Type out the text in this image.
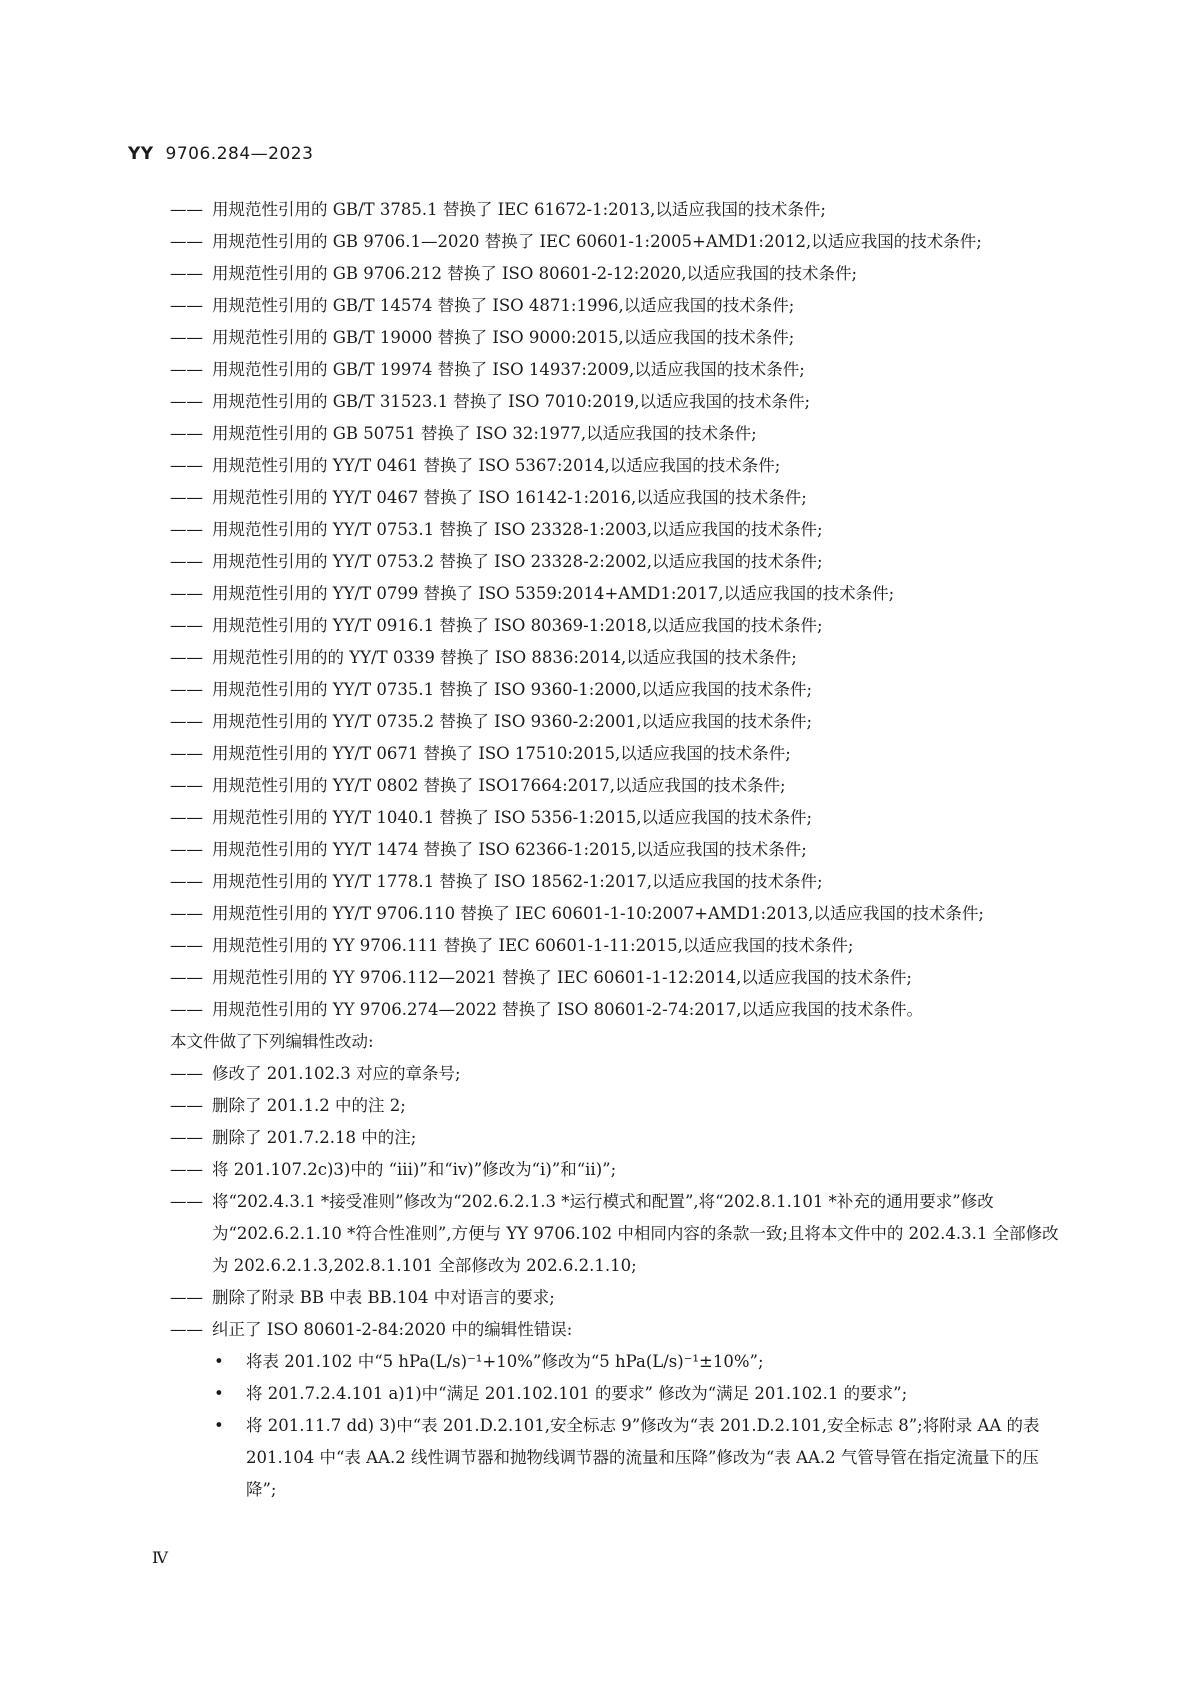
YY 9706.284—2023
—— 用规范性引用的 GB/T 3785.1 替换了 IEC 61672-1:2013,以适应我国的技术条件;
—— 用规范性引用的 GB 9706.1—2020 替换了 IEC 60601-1:2005+AMD1:2012,以适应我国的技术条件;
—— 用规范性引用的 GB 9706.212 替换了 ISO 80601-2-12:2020,以适应我国的技术条件;
—— 用规范性引用的 GB/T 14574 替换了 ISO 4871:1996,以适应我国的技术条件;
—— 用规范性引用的 GB/T 19000 替换了 ISO 9000:2015,以适应我国的技术条件;
—— 用规范性引用的 GB/T 19974 替换了 ISO 14937:2009,以适应我国的技术条件;
—— 用规范性引用的 GB/T 31523.1 替换了 ISO 7010:2019,以适应我国的技术条件;
—— 用规范性引用的 GB 50751 替换了 ISO 32:1977,以适应我国的技术条件;
—— 用规范性引用的 YY/T 0461 替换了 ISO 5367:2014,以适应我国的技术条件;
—— 用规范性引用的 YY/T 0467 替换了 ISO 16142-1:2016,以适应我国的技术条件;
—— 用规范性引用的 YY/T 0753.1 替换了 ISO 23328-1:2003,以适应我国的技术条件;
—— 用规范性引用的 YY/T 0753.2 替换了 ISO 23328-2:2002,以适应我国的技术条件;
—— 用规范性引用的 YY/T 0799 替换了 ISO 5359:2014+AMD1:2017,以适应我国的技术条件;
—— 用规范性引用的 YY/T 0916.1 替换了 ISO 80369-1:2018,以适应我国的技术条件;
—— 用规范性引用的的 YY/T 0339 替换了 ISO 8836:2014,以适应我国的技术条件;
—— 用规范性引用的 YY/T 0735.1 替换了 ISO 9360-1:2000,以适应我国的技术条件;
—— 用规范性引用的 YY/T 0735.2 替换了 ISO 9360-2:2001,以适应我国的技术条件;
—— 用规范性引用的 YY/T 0671 替换了 ISO 17510:2015,以适应我国的技术条件;
—— 用规范性引用的 YY/T 0802 替换了 ISO17664:2017,以适应我国的技术条件;
—— 用规范性引用的 YY/T 1040.1 替换了 ISO 5356-1:2015,以适应我国的技术条件;
—— 用规范性引用的 YY/T 1474 替换了 ISO 62366-1:2015,以适应我国的技术条件;
—— 用规范性引用的 YY/T 1778.1 替换了 ISO 18562-1:2017,以适应我国的技术条件;
—— 用规范性引用的 YY/T 9706.110 替换了 IEC 60601-1-10:2007+AMD1:2013,以适应我国的技术条件;
—— 用规范性引用的 YY 9706.111 替换了 IEC 60601-1-11:2015,以适应我国的技术条件;
—— 用规范性引用的 YY 9706.112—2021 替换了 IEC 60601-1-12:2014,以适应我国的技术条件;
—— 用规范性引用的 YY 9706.274—2022 替换了 ISO 80601-2-74:2017,以适应我国的技术条件。
本文件做了下列编辑性改动:
—— 修改了 201.102.3 对应的章条号;
—— 删除了 201.1.2 中的注 2;
—— 删除了 201.7.2.18 中的注;
—— 将 201.107.2c)3)中的 “iii)”和“iv)”修改为“i)”和“ii)”;
—— 将“202.4.3.1 *接受准则”修改为“202.6.2.1.3 *运行模式和配置”,将“202.8.1.101 *补充的通用要求”修改为“202.6.2.1.10 *符合性准则”,方便与 YY 9706.102 中相同内容的条款一致;且将本文件中的 202.4.3.1 全部修改为 202.6.2.1.3,202.8.1.101 全部修改为 202.6.2.1.10;
—— 删除了附录 BB 中表 BB.104 中对语言的要求;
—— 纠正了 ISO 80601-2-84:2020 中的编辑性错误:
• 将表 201.102 中“5 hPa(L/s)⁻¹+10%”修改为“5 hPa(L/s)⁻¹±10%”;
• 将 201.7.2.4.101 a)1)中“满足 201.102.101 的要求” 修改为“满足 201.102.1 的要求”;
• 将 201.11.7 dd) 3)中“表 201.D.2.101,安全标志 9”修改为“表 201.D.2.101,安全标志 8”;将附录 AA 的表 201.104 中“表 AA.2 线性调节器和抛物线调节器的流量和压降”修改为“表 AA.2 气管导管在指定流量下的压降”;
Ⅳ
